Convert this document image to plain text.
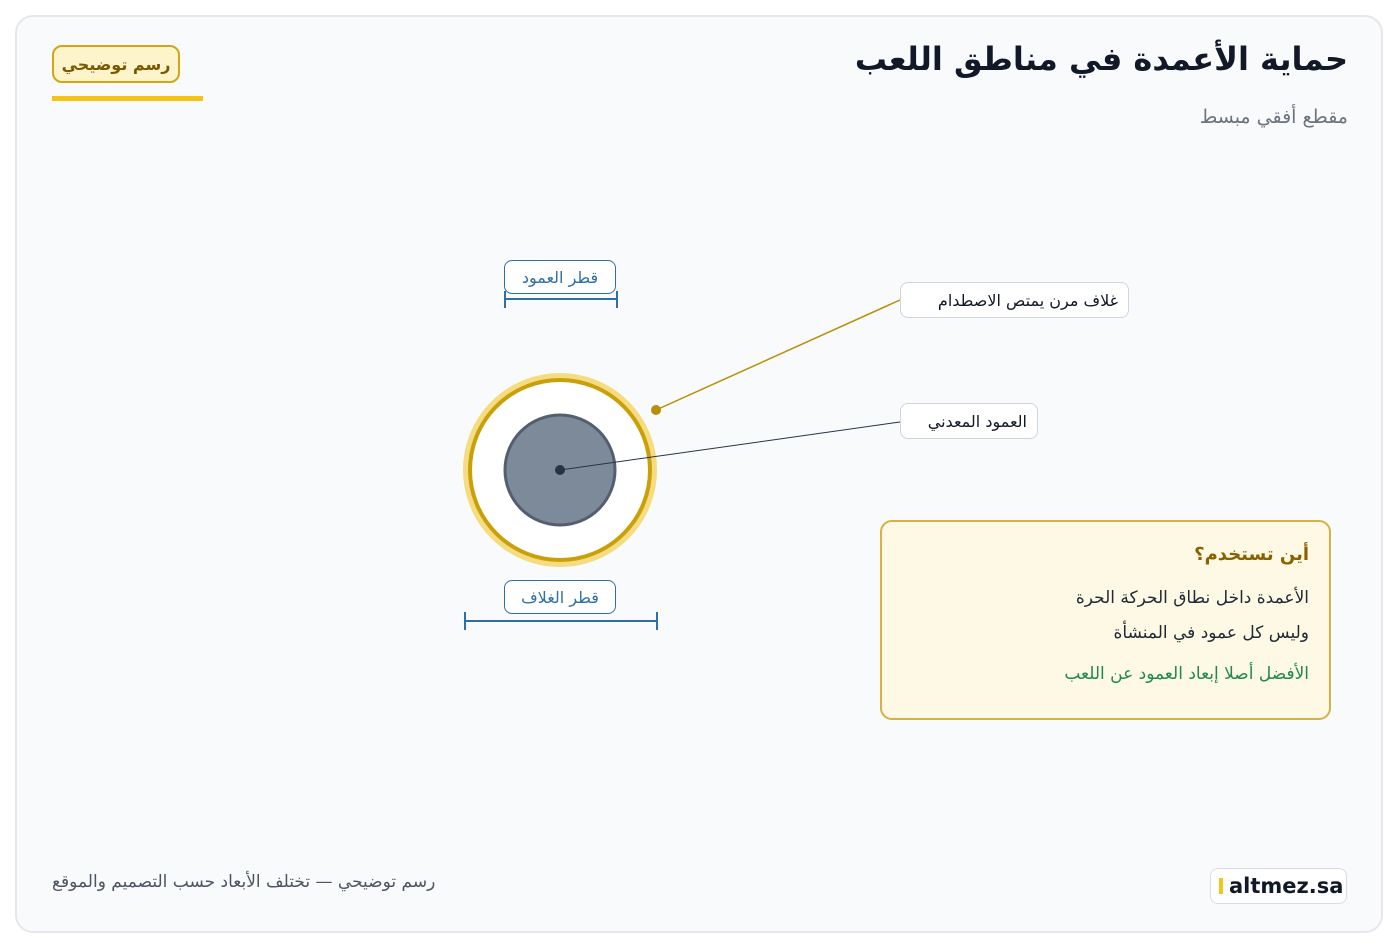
حماية الأعمدة في مناطق اللعب
مقطع أفقي مبسط
رسم توضيحي
قطر العمود
قطر الغلاف
غلاف مرن يمتص الاصطدام
العمود المعدني
أين تستخدم؟
الأعمدة داخل نطاق الحركة الحرة
وليس كل عمود في المنشأة
الأفضل أصلا إبعاد العمود عن اللعب
رسم توضيحي — تختلف الأبعاد حسب التصميم والموقع	altmez.sa
